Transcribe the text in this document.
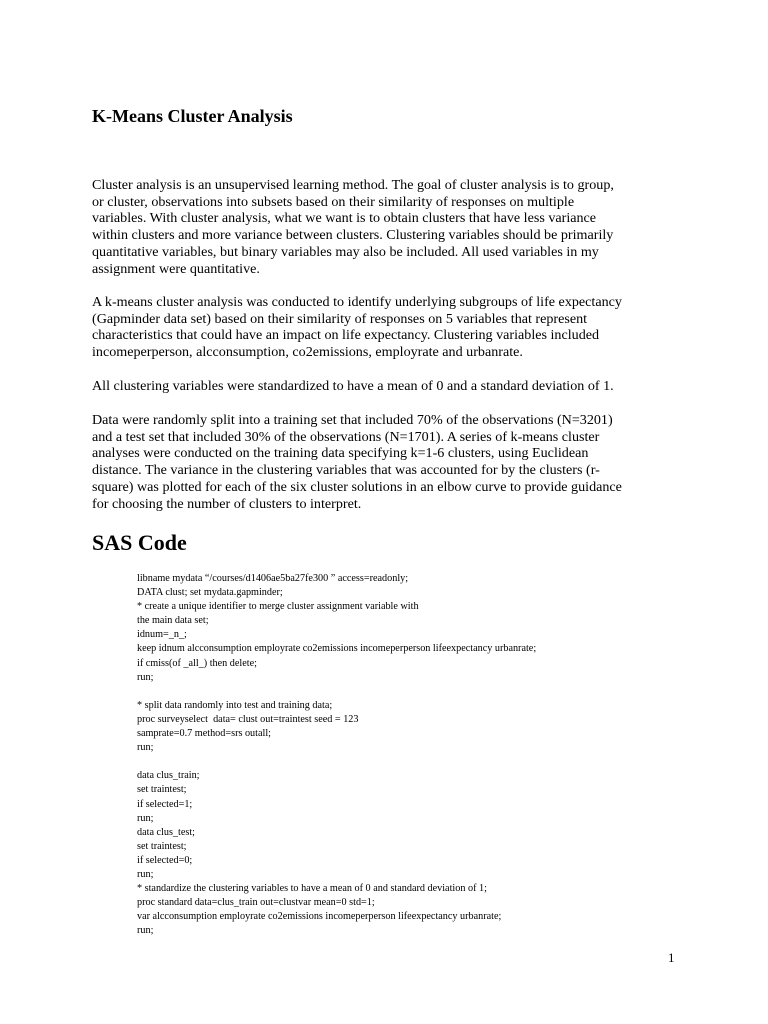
K-Means Cluster Analysis

Cluster analysis is an unsupervised learning method. The goal of cluster analysis is to group,
or cluster, observations into subsets based on their similarity of responses on multiple
variables. With cluster analysis, what we want is to obtain clusters that have less variance
within clusters and more variance between clusters. Clustering variables should be primarily
quantitative variables, but binary variables may also be included. All used variables in my
assignment were quantitative.

A k-means cluster analysis was conducted to identify underlying subgroups of life expectancy
(Gapminder data set) based on their similarity of responses on 5 variables that represent
characteristics that could have an impact on life expectancy. Clustering variables included
incomeperperson, alcconsumption, co2emissions, employrate and urbanrate.

All clustering variables were standardized to have a mean of 0 and a standard deviation of 1.

Data were randomly split into a training set that included 70% of the observations (N=3201)
and a test set that included 30% of the observations (N=1701). A series of k-means cluster
analyses were conducted on the training data specifying k=1-6 clusters, using Euclidean
distance. The variance in the clustering variables that was accounted for by the clusters (r-
square) was plotted for each of the six cluster solutions in an elbow curve to provide guidance
for choosing the number of clusters to interpret.

SAS Code
libname mydata “/courses/d1406ae5ba27fe300 ” access=readonly;
DATA clust; set mydata.gapminder;
* create a unique identifier to merge cluster assignment variable with
the main data set;
idnum=_n_;
keep idnum alcconsumption employrate co2emissions incomeperperson lifeexpectancy urbanrate;
if cmiss(of _all_) then delete;
run;
* split data randomly into test and training data;
proc surveyselect  data= clust out=traintest seed = 123
samprate=0.7 method=srs outall;
run;
data clus_train;
set traintest;
if selected=1;
run;
data clus_test;
set traintest;
if selected=0;
run;
* standardize the clustering variables to have a mean of 0 and standard deviation of 1;
proc standard data=clus_train out=clustvar mean=0 std=1;
var alcconsumption employrate co2emissions incomeperperson lifeexpectancy urbanrate;
run;
1
